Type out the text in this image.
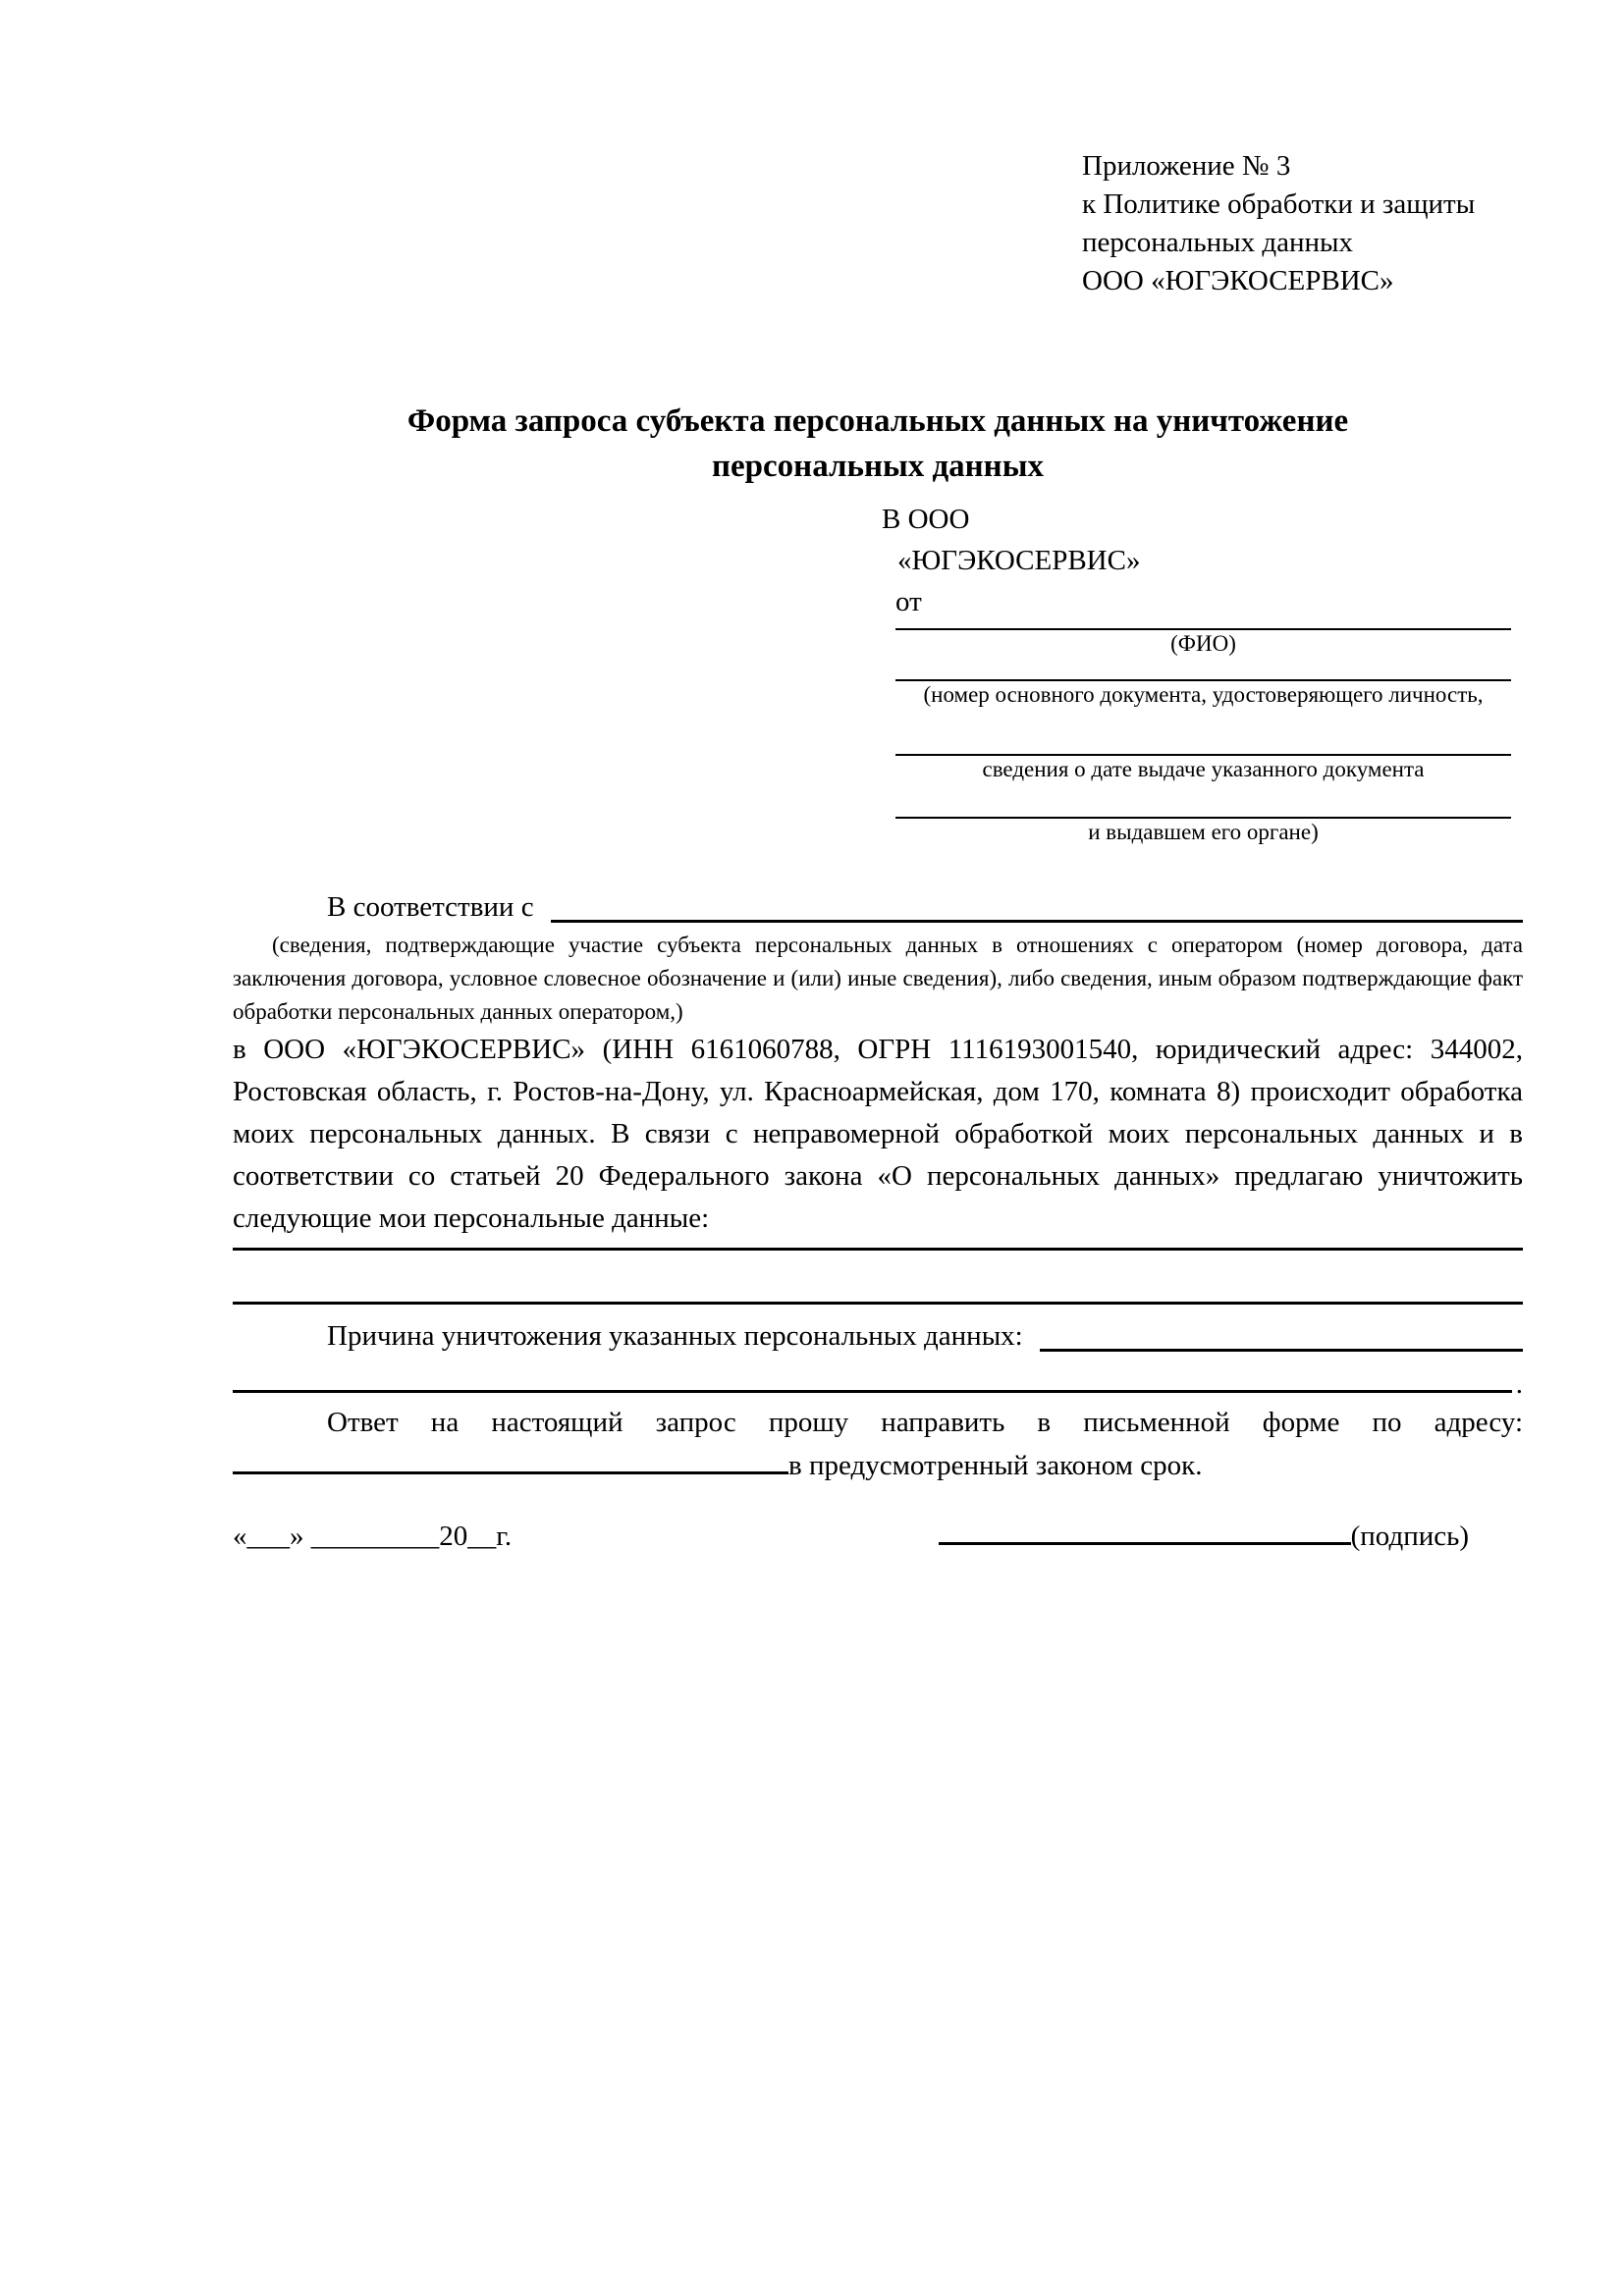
Приложение № 3
к Политике обработки и защиты
персональных данных
ООО «ЮГЭКОСЕРВИС»
Форма запроса субъекта персональных данных на уничтожение
персональных данных
В ООО
«ЮГЭКОСЕРВИС»
от
(ФИО)
(номер основного документа, удостоверяющего личность,
сведения о дате выдаче указанного документа
и выдавшем его органе)
В соответствии с
(сведения, подтверждающие участие субъекта персональных данных в отношениях с оператором (номер договора, дата заключения договора, условное словесное обозначение и (или) иные сведения), либо сведения, иным образом подтверждающие факт обработки персональных данных оператором,)
в ООО «ЮГЭКОСЕРВИС» (ИНН 6161060788, ОГРН 1116193001540, юридический адрес: 344002, Ростовская область, г. Ростов-на-Дону, ул. Красноармейская, дом 170, комната 8) происходит обработка моих персональных данных. В связи с неправомерной обработкой моих персональных данных и в соответствии со статьей 20 Федерального закона «О персональных данных» предлагаю уничтожить следующие мои персональные данные:
Причина уничтожения указанных персональных данных:
.
Ответ на настоящий запрос прошу направить в письменной форме по адресу:
в предусмотренный законом срок.
«___» _________20__г.	(подпись)
